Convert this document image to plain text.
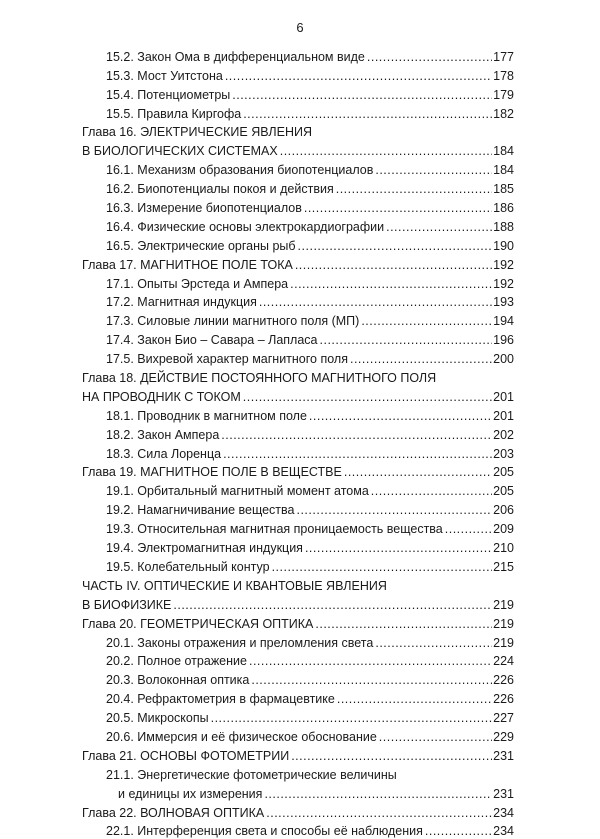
6
15.2. Закон Ома в дифференциальном виде .....	177
15.3. Мост Уитстона .....	178
15.4. Потенциометры .....	179
15.5. Правила Киргофа .....	182
Глава 16. ЭЛЕКТРИЧЕСКИЕ ЯВЛЕНИЯ
В БИОЛОГИЧЕСКИХ СИСТЕМАХ .....	184
16.1. Механизм образования биопотенциалов .....	184
16.2. Биопотенциалы покоя и действия .....	185
16.3. Измерение биопотенциалов .....	186
16.4. Физические основы электрокардиографии .....	188
16.5. Электрические органы рыб .....	190
Глава 17. МАГНИТНОЕ ПОЛЕ ТОКА .....	192
17.1. Опыты Эрстеда и Ампера .....	192
17.2. Магнитная индукция .....	193
17.3. Силовые линии магнитного поля (МП) .....	194
17.4. Закон Био – Савара – Лапласа .....	196
17.5. Вихревой характер магнитного поля .....	200
Глава 18. ДЕЙСТВИЕ ПОСТОЯННОГО МАГНИТНОГО ПОЛЯ
НА ПРОВОДНИК С ТОКОМ .....	201
18.1. Проводник в магнитном поле .....	201
18.2. Закон Ампера .....	202
18.3. Сила Лоренца .....	203
Глава 19. МАГНИТНОЕ ПОЛЕ В ВЕЩЕСТВЕ .....	205
19.1. Орбитальный магнитный момент атома .....	205
19.2. Намагничивание вещества .....	206
19.3. Относительная магнитная проницаемость вещества .....	209
19.4. Электромагнитная индукция .....	210
19.5. Колебательный контур .....	215
ЧАСТЬ IV. ОПТИЧЕСКИЕ И КВАНТОВЫЕ ЯВЛЕНИЯ
В БИОФИЗИКЕ .....	219
Глава 20. ГЕОМЕТРИЧЕСКАЯ ОПТИКА .....	219
20.1. Законы отражения и преломления света .....	219
20.2. Полное отражение .....	224
20.3. Волоконная оптика .....	226
20.4. Рефрактометрия в фармацевтике .....	226
20.5. Микроскопы .....	227
20.6. Иммерсия и её физическое обоснование .....	229
Глава 21. ОСНОВЫ ФОТОМЕТРИИ .....	231
21.1. Энергетические фотометрические величины
и единицы их измерения .....	231
Глава 22. ВОЛНОВАЯ ОПТИКА .....	234
22.1. Интерференция света и способы её наблюдения .....	234
